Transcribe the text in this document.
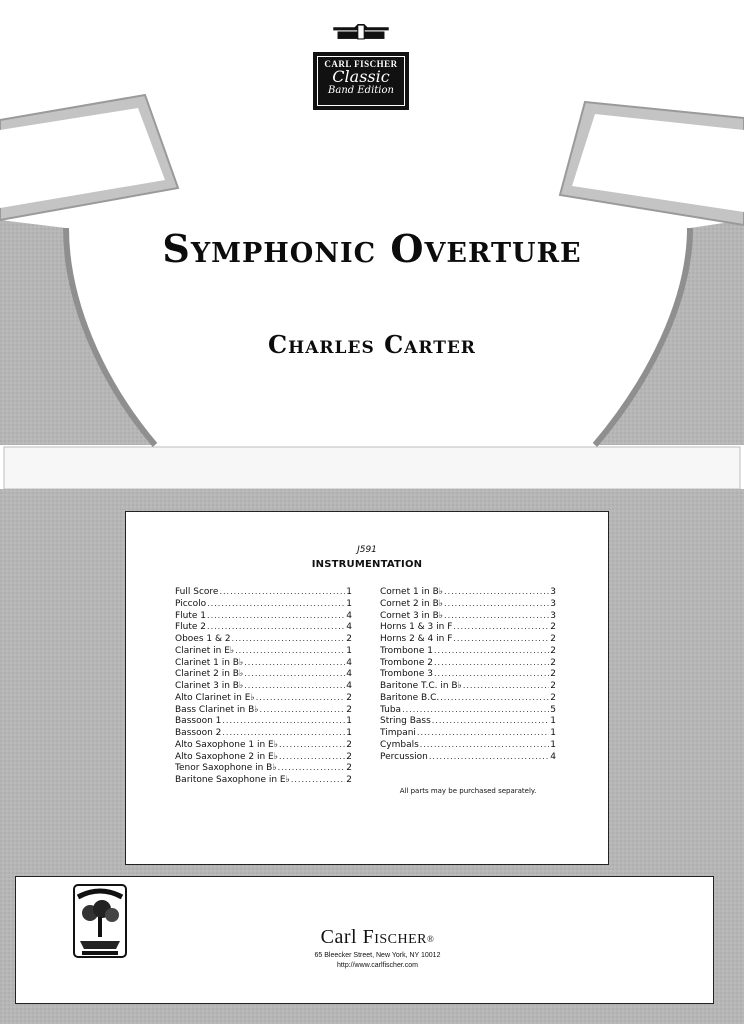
CARL FISCHER
Classic
Band Edition
Symphonic Overture
Charles Carter
J591
INSTRUMENTATION
Full Score .....	1
Piccolo .....	1
Flute 1 .....	4
Flute 2 .....	4
Oboes 1 & 2 .....	2
Clarinet in E♭ .....	1
Clarinet 1 in B♭ .....	4
Clarinet 2 in B♭ .....	4
Clarinet 3 in B♭ .....	4
Alto Clarinet in E♭ .....	2
Bass Clarinet in B♭ .....	2
Bassoon 1 .....	1
Bassoon 2 .....	1
Alto Saxophone 1 in E♭ .....	2
Alto Saxophone 2 in E♭ .....	2
Tenor Saxophone in B♭ .....	2
Baritone Saxophone in E♭ .....	2
Cornet 1 in B♭ .....	3
Cornet 2 in B♭ .....	3
Cornet 3 in B♭ .....	3
Horns 1 & 3 in F .....	2
Horns 2 & 4 in F .....	2
Trombone 1 .....	2
Trombone 2 .....	2
Trombone 3 .....	2
Baritone T.C. in B♭ .....	2
Baritone B.C. .....	2
Tuba .....	5
String Bass .....	1
Timpani .....	1
Cymbals .....	1
Percussion .....	4
All parts may be purchased separately.
Carl Fischer®
65 Bleecker Street, New York, NY 10012
http://www.carlfischer.com
